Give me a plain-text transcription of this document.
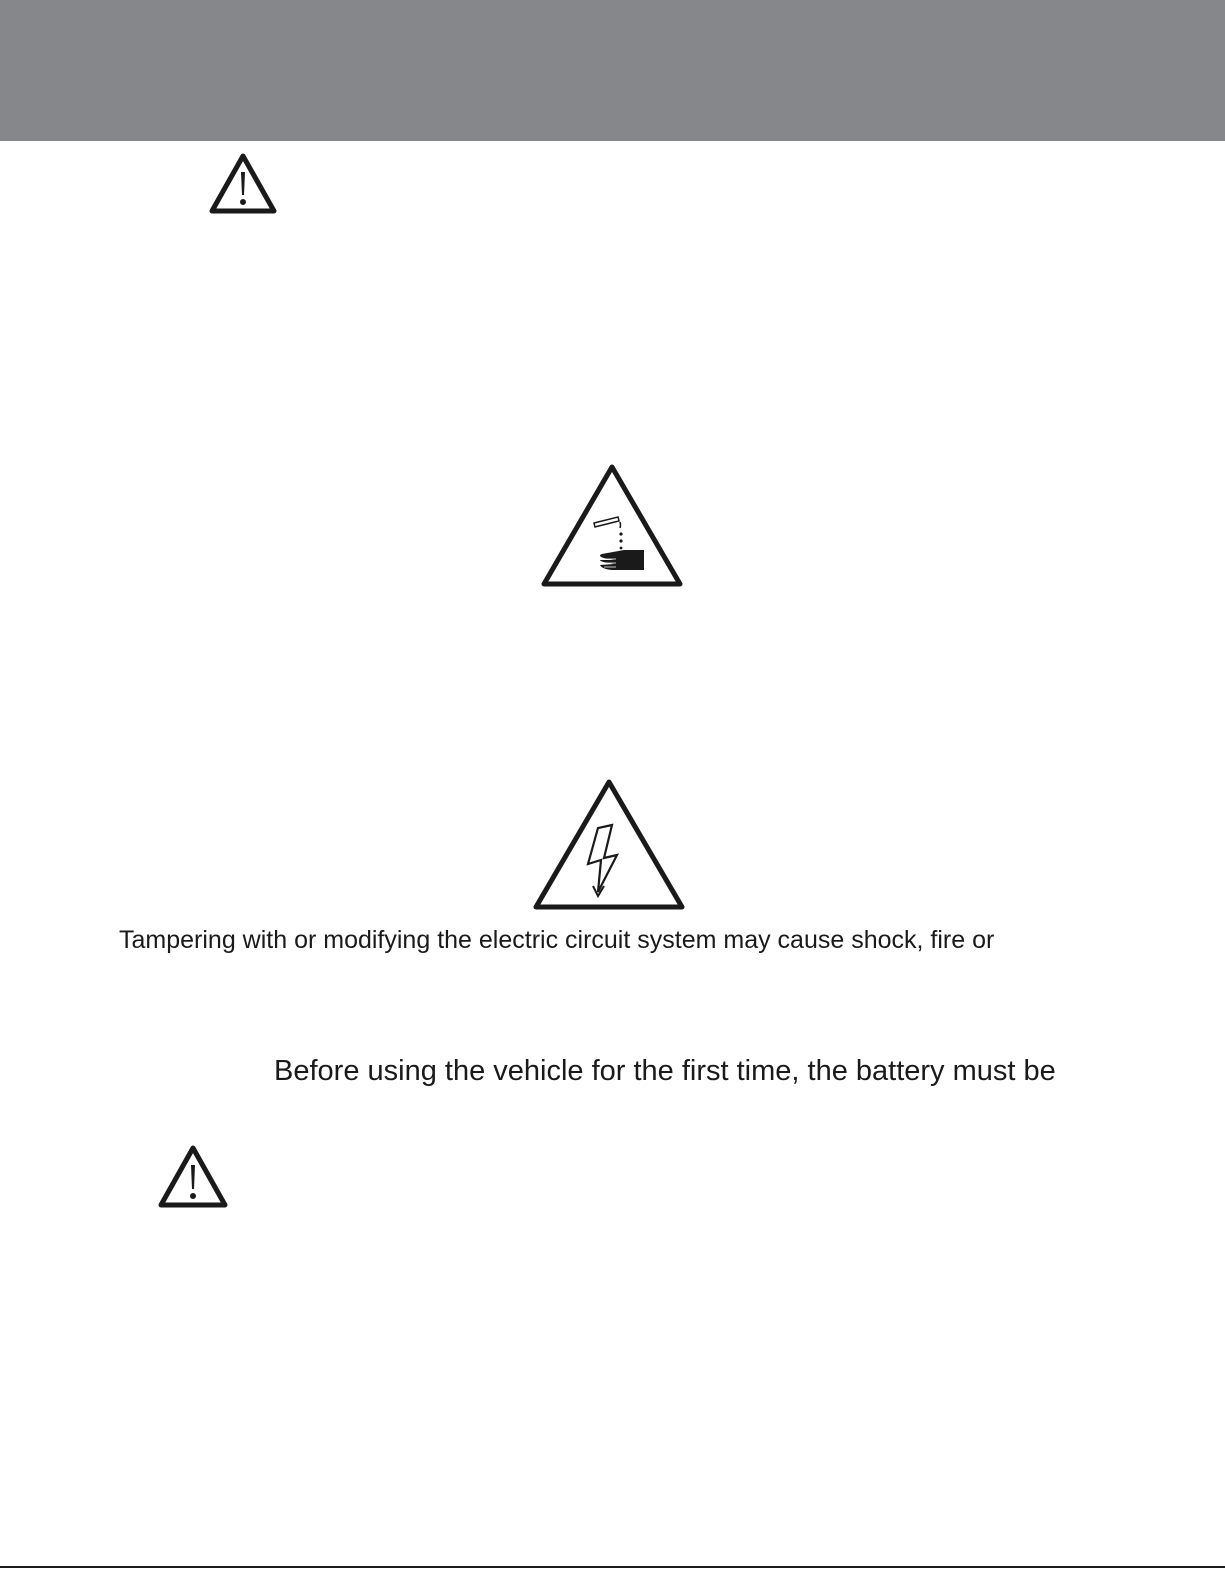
Tampering with or modifying the electric circuit system may cause shock, fire or

Before using the vehicle for the first time, the battery must be
